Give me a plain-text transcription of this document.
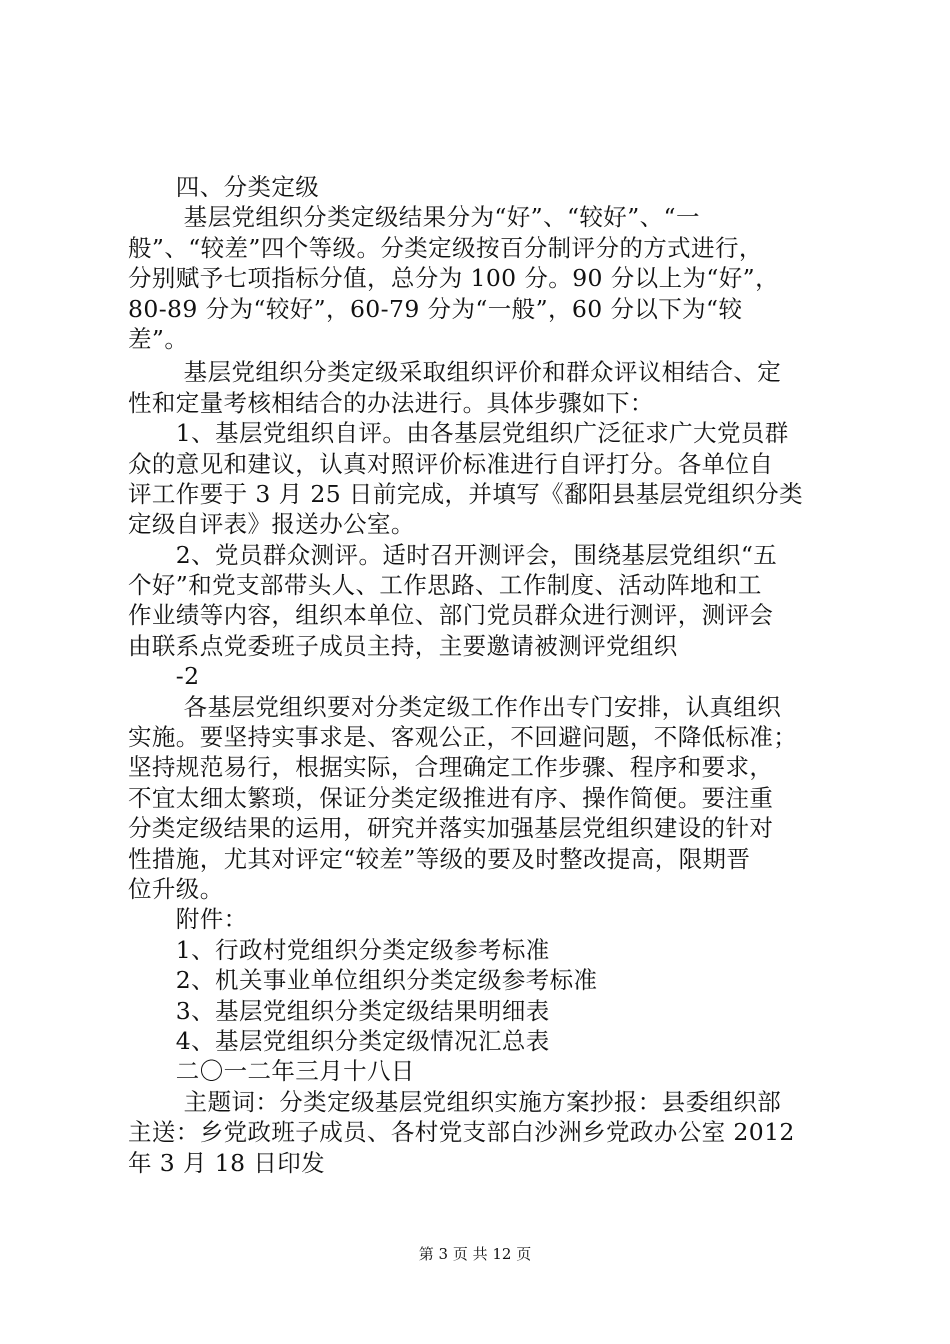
　　四、分类定级
　　 基层党组织分类定级结果分为“好”、“较好”、“一
般”、“较差”四个等级。分类定级按百分制评分的方式进行，
分别赋予七项指标分值，总分为 100 分。90 分以上为“好”，
80-89 分为“较好”，60-79 分为“一般”，60 分以下为“较
差”。
　　 基层党组织分类定级采取组织评价和群众评议相结合、定
性和定量考核相结合的办法进行。具体步骤如下：
　　1、基层党组织自评。由各基层党组织广泛征求广大党员群
众的意见和建议，认真对照评价标准进行自评打分。各单位自
评工作要于 3 月 25 日前完成，并填写《鄱阳县基层党组织分类
定级自评表》报送办公室。
　　2、党员群众测评。适时召开测评会，围绕基层党组织“五
个好”和党支部带头人、工作思路、工作制度、活动阵地和工
作业绩等内容，组织本单位、部门党员群众进行测评，测评会
由联系点党委班子成员主持，主要邀请被测评党组织
　　-2
　　 各基层党组织要对分类定级工作作出专门安排，认真组织
实施。要坚持实事求是、客观公正，不回避问题，不降低标准；
坚持规范易行，根据实际，合理确定工作步骤、程序和要求，
不宜太细太繁琐，保证分类定级推进有序、操作简便。要注重
分类定级结果的运用，研究并落实加强基层党组织建设的针对
性措施，尤其对评定“较差”等级的要及时整改提高，限期晋
位升级。
　　附件：
　　1、行政村党组织分类定级参考标准
　　2、机关事业单位组织分类定级参考标准
　　3、基层党组织分类定级结果明细表
　　4、基层党组织分类定级情况汇总表
　　二〇一二年三月十八日
　　 主题词：分类定级基层党组织实施方案抄报：县委组织部
主送：乡党政班子成员、各村党支部白沙洲乡党政办公室 2012
年 3 月 18 日印发
第 3 页 共 12 页
